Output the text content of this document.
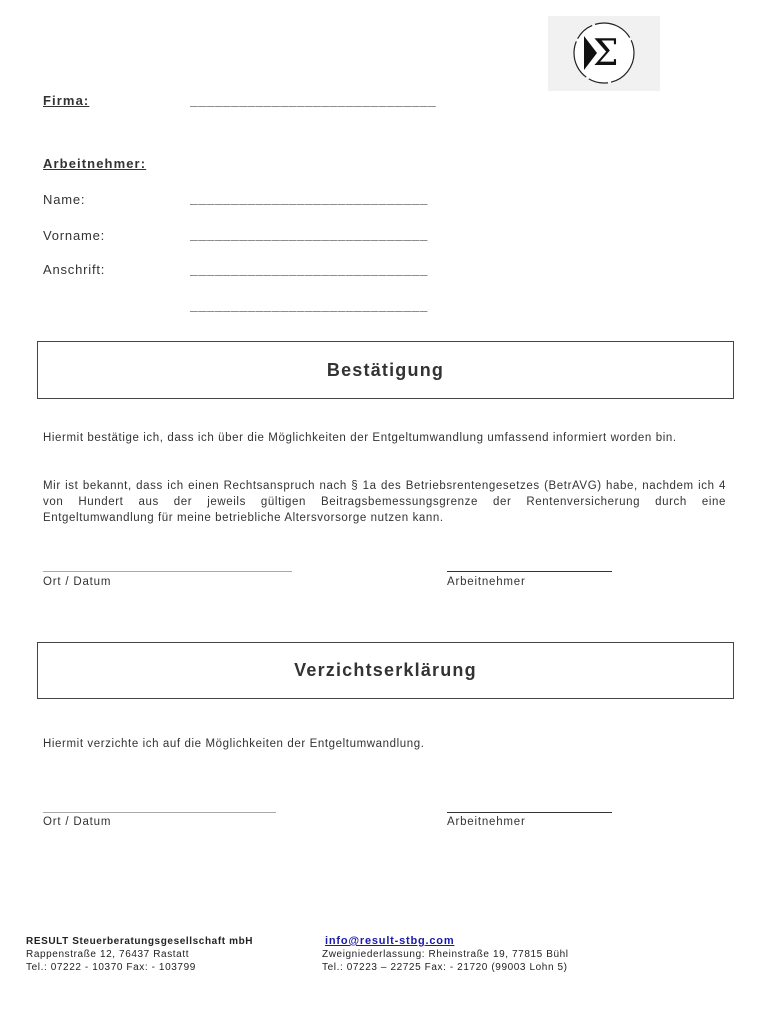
Σ
Firma:	______________________________
Arbeitnehmer:
Name:	_____________________________
Vorname:	_____________________________
Anschrift:	_____________________________
_____________________________
Bestätigung
Hiermit bestätige ich, dass ich über die Möglichkeiten der Entgeltumwandlung umfassend informiert worden bin.
Mir ist bekannt, dass ich einen Rechtsanspruch nach § 1a des Betriebsrentengesetzes (BetrAVG) habe, nachdem ich 4 von Hundert aus der jeweils gültigen Beitragsbemessungsgrenze der Rentenversicherung durch eine Entgeltumwandlung für meine betriebliche Altersvorsorge nutzen kann.
Ort / Datum	Arbeitnehmer
Verzichtserklärung
Hiermit verzichte ich auf die Möglichkeiten der Entgeltumwandlung.
Ort / Datum	Arbeitnehmer
RESULT Steuerberatungsgesellschaft mbH
Rappenstraße 12, 76437 Rastatt
Tel.: 07222 - 10370 Fax: - 103799
info@result-stbg.com
Zweigniederlassung: Rheinstraße 19, 77815 Bühl
Tel.: 07223 – 22725 Fax: - 21720 (99003 Lohn 5)
